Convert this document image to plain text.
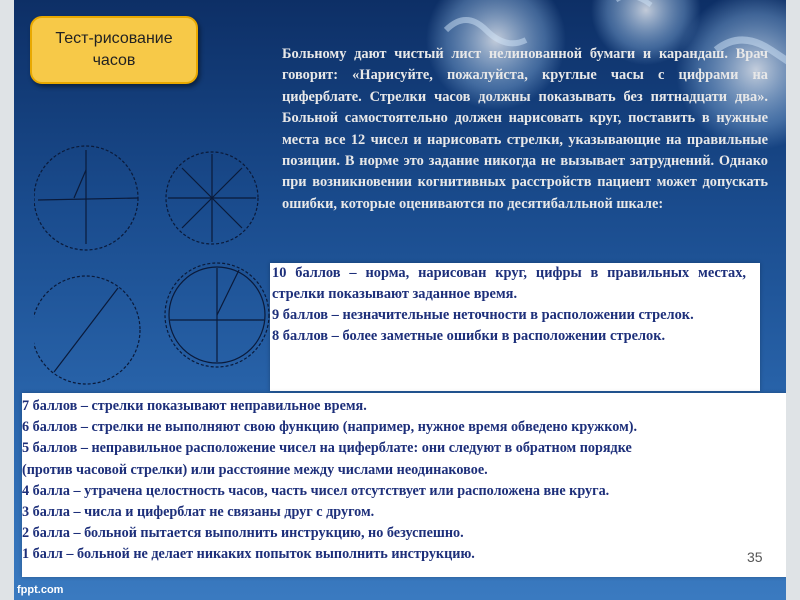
Тест-рисование часов	Больному дают чистый лист нелинованной бумаги и карандаш. Врач говорит: «Нарисуйте, пожалуйста, круглые часы с цифрами на циферблате. Стрелки часов должны показывать без пятнадцати два». Больной самостоятельно должен нарисовать круг, поставить в нужные места все 12 чисел и нарисовать стрелки, указывающие на правильные позиции. В норме это задание никогда не вызывает затруднений. Однако при возникновении когнитивных расстройств пациент может допускать ошибки, которые оцениваются по десятибалльной шкале:

10 баллов – норма, нарисован круг, цифры в правильных местах, стрелки показывают заданное время.

9 баллов – незначительные неточности в расположении стрелок.

8 баллов – более заметные ошибки в расположении стрелок.

7 баллов – стрелки показывают неправильное время.

6 баллов – стрелки не выполняют свою функцию (например, нужное время обведено кружком).

5 баллов – неправильное расположение чисел на циферблате: они следуют в обратном порядке

(против часовой стрелки) или расстояние между числами неодинаковое.

4 балла – утрачена целостность часов, часть чисел отсутствует или расположена вне круга.

3 балла – числа и циферблат не связаны друг с другом.

2 балла – больной пытается выполнить инструкцию, но безуспешно.

1 балл – больной не делает никаких попыток выполнить инструкцию.	35
fppt.com
